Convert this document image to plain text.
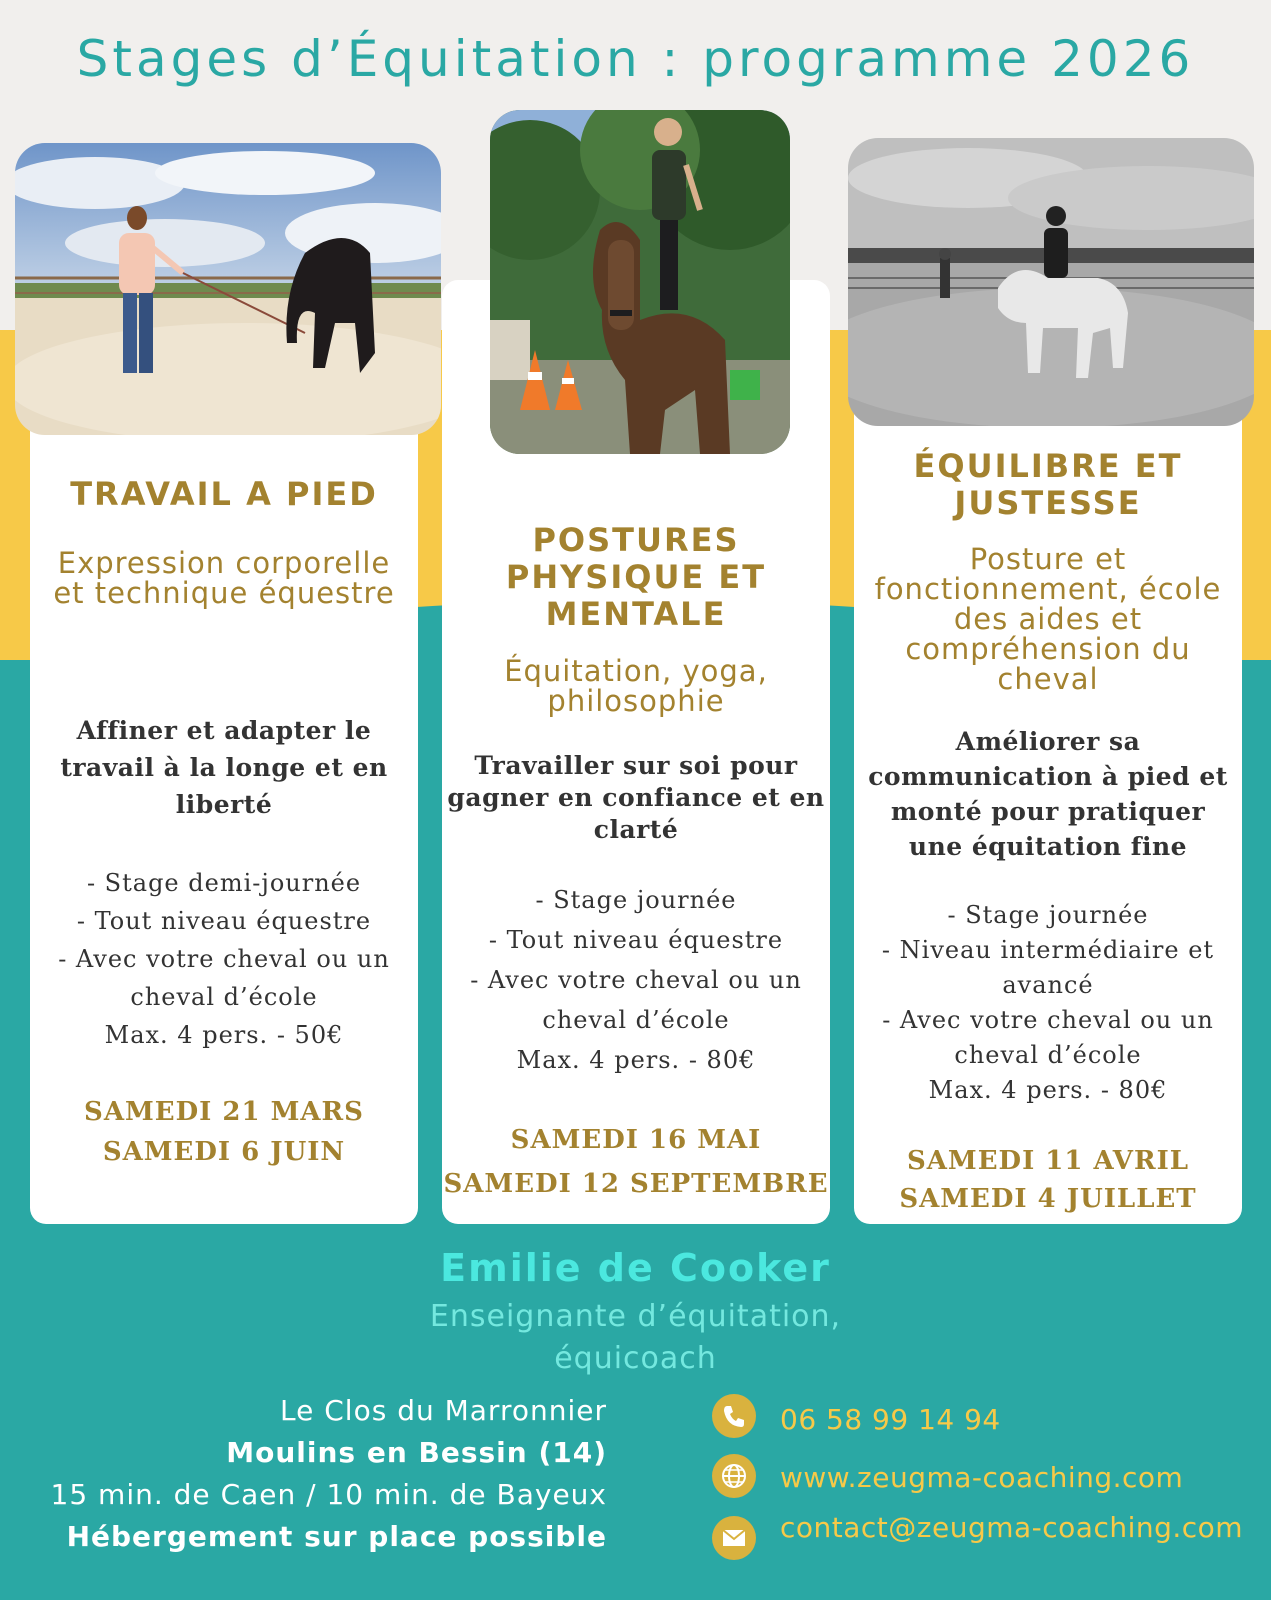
Stages d’Équitation : programme 2026
TRAVAIL A PIED
Expression corporelle
et technique équestre
Affiner et adapter le
travail à la longe et en
liberté
- Stage demi-journée
- Tout niveau équestre
- Avec votre cheval ou un
cheval d’école
Max. 4 pers. - 50€
SAMEDI 21 MARS
SAMEDI 6 JUIN
POSTURES
PHYSIQUE ET
MENTALE
Équitation, yoga,
philosophie
Travailler sur soi pour
gagner en confiance et en
clarté
- Stage journée
- Tout niveau équestre
- Avec votre cheval ou un
cheval d’école
Max. 4 pers. - 80€
SAMEDI 16 MAI
SAMEDI 12 SEPTEMBRE
ÉQUILIBRE ET
JUSTESSE
Posture et
fonctionnement, école
des aides et
compréhension du
cheval
Améliorer sa
communication à pied et
monté pour pratiquer
une équitation fine
- Stage journée
- Niveau intermédiaire et
avancé
- Avec votre cheval ou un
cheval d’école
Max. 4 pers. - 80€
SAMEDI 11 AVRIL
SAMEDI 4 JUILLET
Emilie de Cooker
Enseignante d’équitation,
équicoach
Le Clos du Marronnier
Moulins en Bessin (14)
15 min. de Caen / 10 min. de Bayeux
Hébergement sur place possible
06 58 99 14 94
www.zeugma-coaching.com
contact@zeugma-coaching.com
